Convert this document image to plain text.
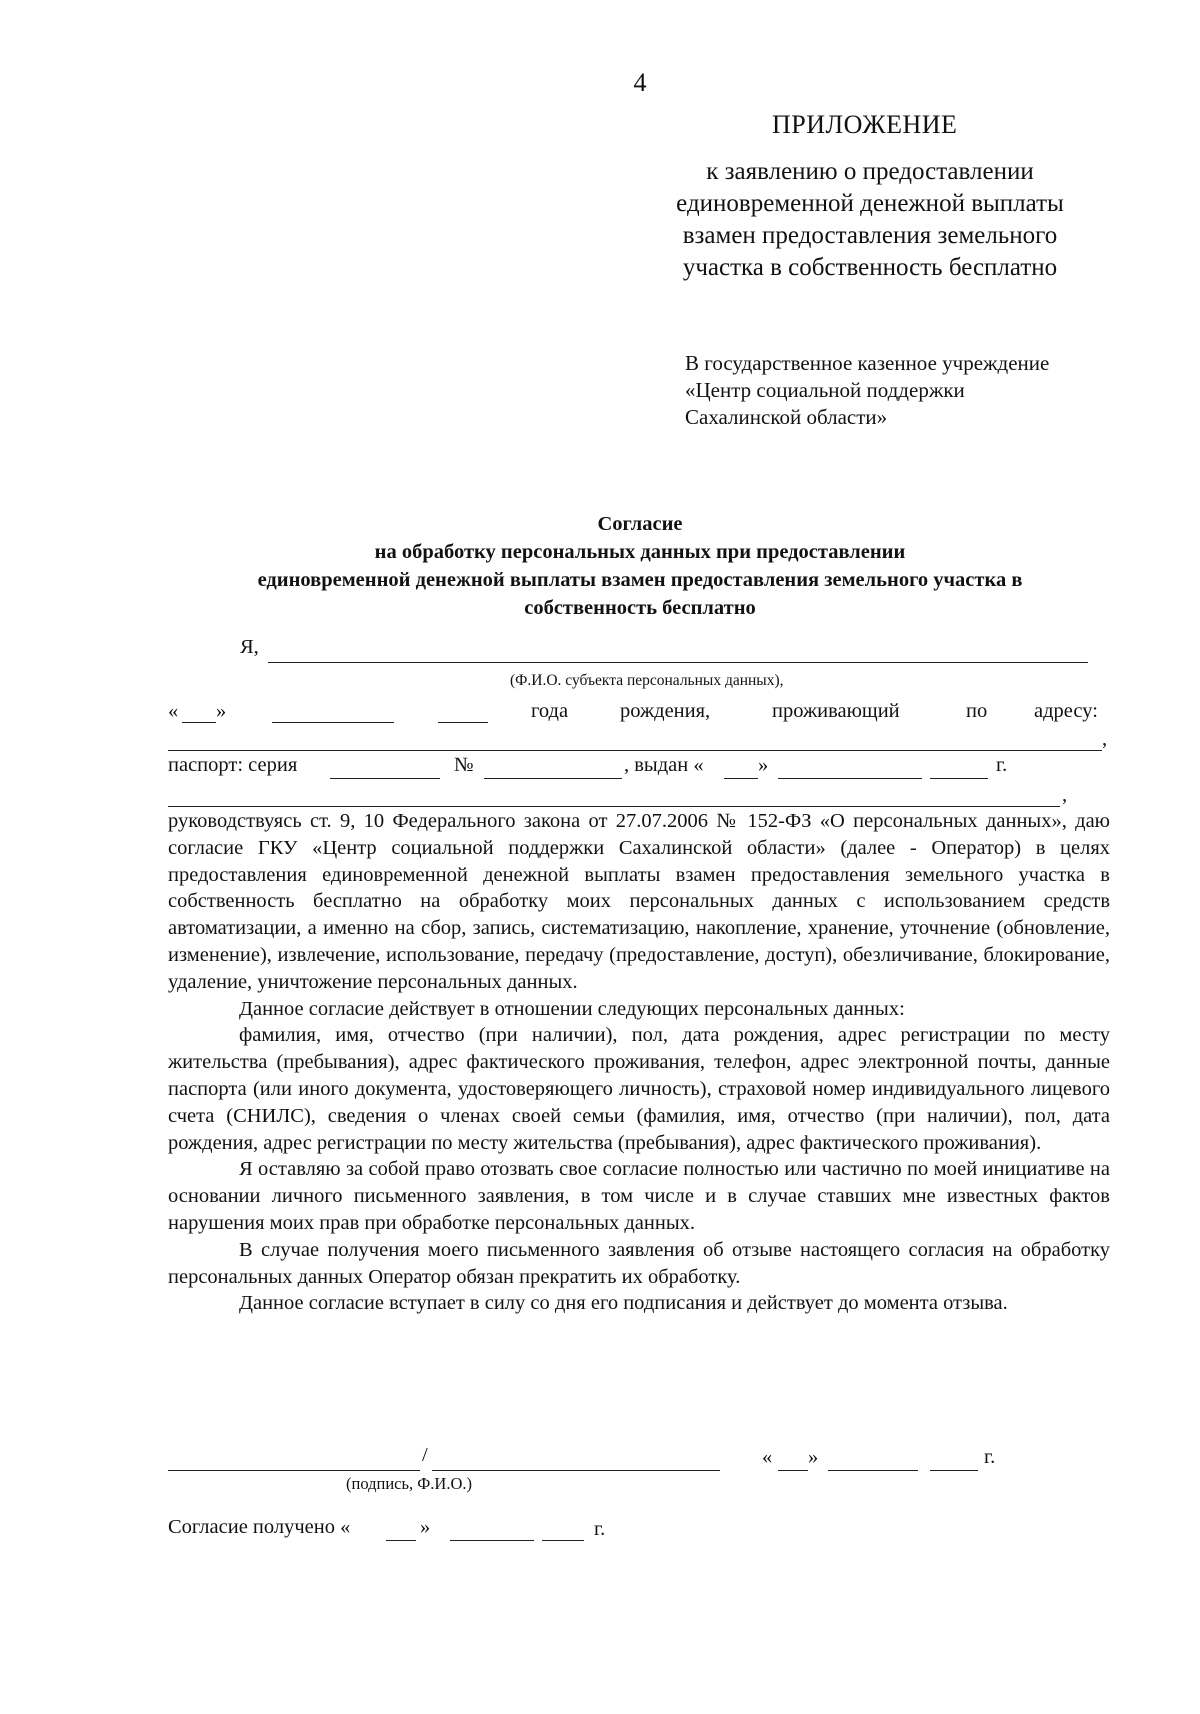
4
ПРИЛОЖЕНИЕ
к заявлению о предоставлении
единовременной денежной выплаты
взамен предоставления земельного
участка в собственность бесплатно
В государственное казенное учреждение
«Центр социальной поддержки
Сахалинской области»
Согласие
на обработку персональных данных при предоставлении
единовременной денежной выплаты взамен предоставления земельного участка в
собственность бесплатно
Я,
(Ф.И.О. субъекта персональных данных),
« »	года	рождения,	проживающий	по адресу:
,
паспорт: серия	№	, выдан «	»	г.
,

руководствуясь ст. 9, 10 Федерального закона от 27.07.2006 № 152-ФЗ «О персональных данных», даю согласие ГКУ «Центр социальной поддержки Сахалинской области» (далее - Оператор) в целях предоставления единовременной денежной выплаты взамен предоставления земельного участка в собственность бесплатно на обработку моих персональных данных с использованием средств автоматизации, а именно на сбор, запись, систематизацию, накопление, хранение, уточнение (обновление, изменение), извлечение, использование, передачу (предоставление, доступ), обезличивание, блокирование, удаление, уничтожение персональных данных.

Данное согласие действует в отношении следующих персональных данных:

фамилия, имя, отчество (при наличии), пол, дата рождения, адрес регистрации по месту жительства (пребывания), адрес фактического проживания, телефон, адрес электронной почты, данные паспорта (или иного документа, удостоверяющего личность), страховой номер индивидуального лицевого счета (СНИЛС), сведения о членах своей семьи (фамилия, имя, отчество (при наличии), пол, дата рождения, адрес регистрации по месту жительства (пребывания), адрес фактического проживания).

Я оставляю за собой право отозвать свое согласие полностью или частично по моей инициативе на основании личного письменного заявления, в том числе и в случае ставших мне известных фактов нарушения моих прав при обработке персональных данных.

В случае получения моего письменного заявления об отзыве настоящего согласия на обработку персональных данных Оператор обязан прекратить их обработку.

Данное согласие вступает в силу со дня его подписания и действует до момента отзыва.

/	« »	г.
(подпись, Ф.И.О.)
Согласие получено «	»	г.
